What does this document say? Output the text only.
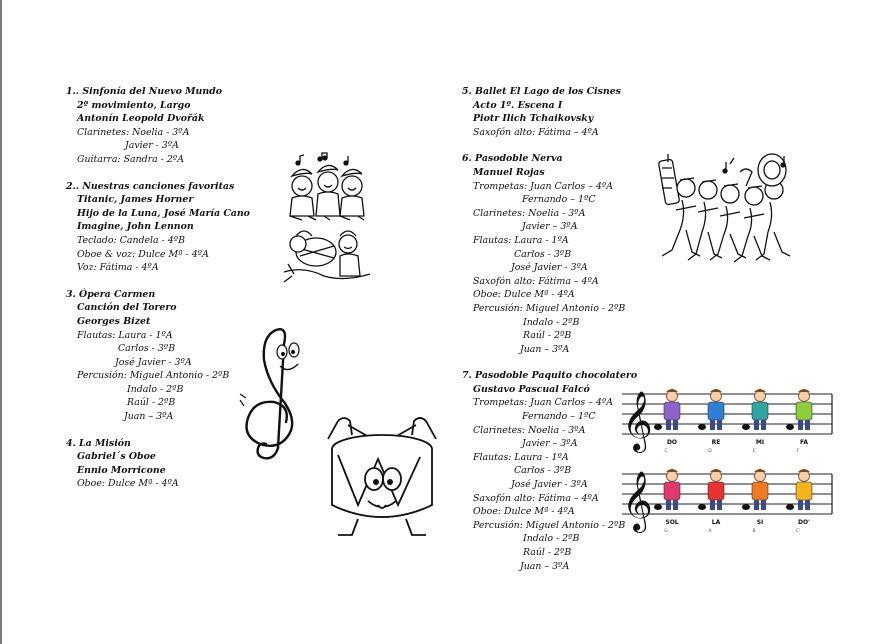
1.. Sinfonía del Nuevo Mundo
2º movimiento, Largo
Antonín Leopold Dvořák
Clarinetes: Noelia - 3ºA
Javier - 3ºA
Guitarra: Sandra - 2ºA
2.. Nuestras canciones favoritas
Titanic, James Horner
Hijo de la Luna, José María Cano
Imagine, John Lennon
Teclado: Candela - 4ºB
Oboe & voz: Dulce Mª - 4ºA
Voz: Fátima - 4ºA
3. Ópera Carmen
Canción del Torero
Georges Bizet
Flautas: Laura - 1ºA
Carlos - 3ºB
José Javier - 3ºA
Percusión: Miguel Antonio - 2ºB
Indalo - 2ºB
Raúl - 2ºB
Juan – 3ºA
4. La Misión
Gabriel´s Oboe
Ennio Morricone
Oboe: Dulce Mª - 4ºA
5. Ballet El Lago de los Cisnes
Acto 1º. Escena I
Piotr Ilich Tchaikovsky
Saxofón alto: Fátima – 4ºA
6. Pasodoble Nerva
Manuel Rojas
Trompetas: Juan Carlos – 4ºA
Fernando – 1ºC
Clarinetes: Noelia - 3ºA
Javier – 3ºA
Flautas: Laura - 1ºA
Carlos - 3ºB
José Javier - 3ºA
Saxofón alto: Fátima – 4ºA
Oboe: Dulce Mª - 4ºA
Percusión: Miguel Antonio - 2ºB
Indalo - 2ºB
Raúl - 2ºB
Juan – 3ºA
7. Pasodoble Paquito chocolatero
Gustavo Pascual Falcó
Trompetas: Juan Carlos – 4ºA
Fernando – 1ºC
Clarinetes: Noelia - 3ºA
Javier – 3ºA
Flautas: Laura - 1ºA
Carlos - 3ºB
José Javier - 3ºA
Saxofón alto: Fátima – 4ºA
Oboe: Dulce Mª - 4ºA
Percusión: Miguel Antonio - 2ºB
Indalo - 2ºB
Raúl - 2ºB
Juan – 3ºA
𝄞 DO
C
RE
D
MI
E
FA
F
𝄞 SOL
G
LA
A
SI
B
DO'
C'
